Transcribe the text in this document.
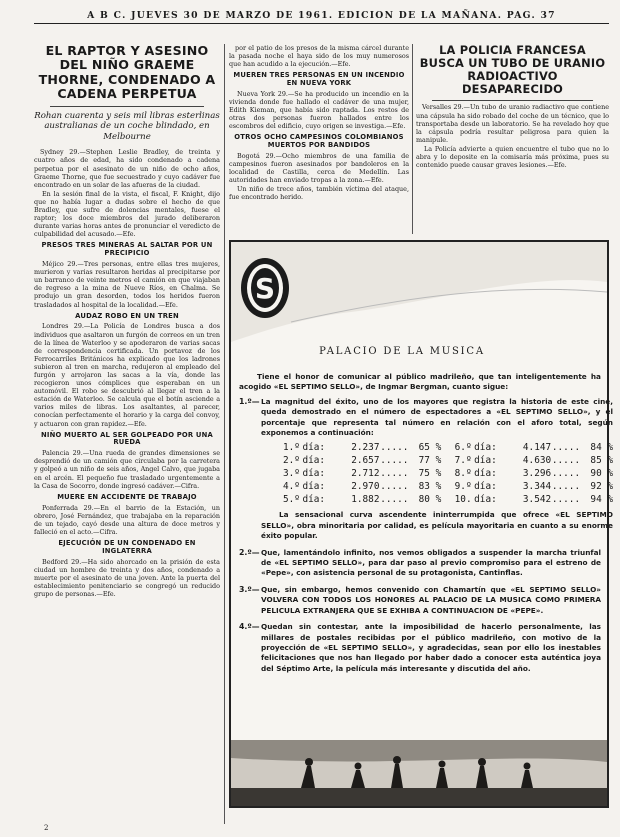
A B C. JUEVES 30 DE MARZO DE 1961. EDICION DE LA MAÑANA. PAG. 37
EL RAPTOR Y ASESINO DEL NIÑO GRAEME THORNE, CONDENADO A CADENA PERPETUA
Rohan cuarenta y seis mil libras esterlinas australianas de un coche blindado, en Melbourne

Sydney 29.—Stephen Leslie Bradley, de treinta y cuatro años de edad, ha sido condenado a cadena perpetua por el asesinato de un niño de ocho años, Graeme Thorne, que fue secuestrado y cuyo cadáver fue encontrado en un solar de las afueras de la ciudad.

En la sesión final de la vista, el fiscal, F. Knight, dijo que no había lugar a dudas sobre el hecho de que Bradley, que sufre de dolencias mentales, fuese el raptor; los doce miembros del jurado deliberaron durante varias horas antes de pronunciar el veredicto de culpabilidad del acusado.—Efe.

PRESOS TRES MINERAS AL SALTAR POR UN PRECIPICIO

Méjico 29.—Tres personas, entre ellas tres mujeres, murieron y varias resultaron heridas al precipitarse por un barranco de veinte metros el camión en que viajaban de regreso a la mina de Nueve Ríos, en Chalma. Se produjo un gran desorden, todos los heridos fueron trasladados al hospital de la localidad.—Efe.

AUDAZ ROBO EN UN TREN

Londres 29.—La Policía de Londres busca a dos individuos que asaltaron un furgón de correos en un tren de la línea de Waterloo y se apoderaron de varias sacas de correspondencia certificada. Un portavoz de los Ferrocarriles Británicos ha explicado que los ladrones subieron al tren en marcha, redujeron al empleado del furgón y arrojaron las sacas a la vía, donde las recogieron unos cómplices que esperaban en un automóvil. El robo se descubrió al llegar el tren a la estación de Waterloo. Se calcula que el botín asciende a varios miles de libras. Los asaltantes, al parecer, conocían perfectamente el horario y la carga del convoy, y actuaron con gran rapidez.—Efe.

NIÑO MUERTO AL SER GOLPEADO POR UNA RUEDA

Palencia 29.—Una rueda de grandes dimensiones se desprendió de un camión que circulaba por la carretera y golpeó a un niño de seis años, Angel Calvo, que jugaba en el arcén. El pequeño fue trasladado urgentemente a la Casa de Socorro, donde ingresó cadáver.—Cifra.

MUERE EN ACCIDENTE DE TRABAJO

Ponferrada 29.—En el barrio de la Estación, un obrero, José Fernández, que trabajaba en la reparación de un tejado, cayó desde una altura de doce metros y falleció en el acto.—Cifra.

EJECUCIÓN DE UN CONDENADO EN INGLATERRA

Bedford 29.—Ha sido ahorcado en la prisión de esta ciudad un hombre de treinta y dos años, condenado a muerte por el asesinato de una joven. Ante la puerta del establecimiento penitenciario se congregó un reducido grupo de personas.—Efe.

por el patio de los presos de la misma cárcel durante la pasada noche el haya sido de los muy numerosos que han acudido a la ejecución.—Efe.

MUEREN TRES PERSONAS EN UN INCENDIO EN NUEVA YORK

Nueva York 29.—Se ha producido un incendio en la vivienda donde fue hallado el cadáver de una mujer, Edith Kieman, que había sido raptada. Los restos de otras dos personas fueron hallados entre los escombros del edificio, cuyo origen se investiga.—Efe.

OTROS OCHO CAMPESINOS COLOMBIANOS MUERTOS POR BANDIDOS

Bogotá 29.—Ocho miembros de una familia de campesinos fueron asesinados por bandoleros en la localidad de Castilla, cerca de Medellín. Las autoridades han enviado tropas a la zona.—Efe.

Un niño de trece años, también víctima del ataque, fue encontrado herido.

LA POLICIA FRANCESA BUSCA UN TUBO DE URANIO RADIOACTIVO DESAPARECIDO

Versalles 29.—Un tubo de uranio radiactivo que contiene una cápsula ha sido robado del coche de un técnico, que lo transportaba desde un laboratorio. Se ha revelado hoy que la cápsula podría resultar peligrosa para quien la manipule.

La Policía advierte a quien encuentre el tubo que no lo abra y lo deposite en la comisaría más próxima, pues su contenido puede causar graves lesiones.—Efe.

S
PALACIO DE LA MUSICA
Tiene el honor de comunicar al público madrileño, que tan inteligentemente ha acogido «EL SEPTIMO SELLO», de Ingmar Bergman, cuanto sigue:
1.º— La magnitud del éxito, uno de los mayores que registra la historia de este cine, queda demostrado en el número de espectadores a «EL SEPTIMO SELLO», y el porcentaje que representa tal número en relación con el aforo total, según exponemos a continuación:
1.º	día:	2.237	.....	65 %		6.º	día:	4.147	.....	84 %
2.º	día:	2.657	.....	77 %		7.º	día:	4.630	.....	85 %
3.º	día:	2.712	.....	75 %		8.º	día:	3.296	.....	90 %
4.º	día:	2.970	.....	83 %		9.º	día:	3.344	.....	92 %
5.º	día:	1.882	.....	80 %		10.	día:	3.542	.....	94 %
La sensacional curva ascendente ininterrumpida que ofrece «EL SEPTIMO SELLO», obra minoritaria por calidad, es película mayoritaria en cuanto a su enorme éxito popular.
2.º— Que, lamentándolo infinito, nos vemos obligados a suspender la marcha triunfal de «EL SEPTIMO SELLO», para dar paso al previo compromiso para el estreno de «Pepe», con asistencia personal de su protagonista, Cantinflas.
3.º— Que, sin embargo, hemos convenido con Chamartín que «EL SEPTIMO SELLO» VOLVERA CON TODOS LOS HONORES AL PALACIO DE LA MUSICA COMO PRIMERA PELICULA EXTRANJERA QUE SE EXHIBA A CONTINUACION DE «PEPE».
4.º— Quedan sin contestar, ante la imposibilidad de hacerlo personalmente, las millares de postales recibidas por el público madrileño, con motivo de la proyección de «EL SEPTIMO SELLO», y agradecidas, sean por ello los inestables felicitaciones que nos han llegado por haber dado a conocer esta auténtica joya del Séptimo Arte, la película más interesante y discutida del año.
2
